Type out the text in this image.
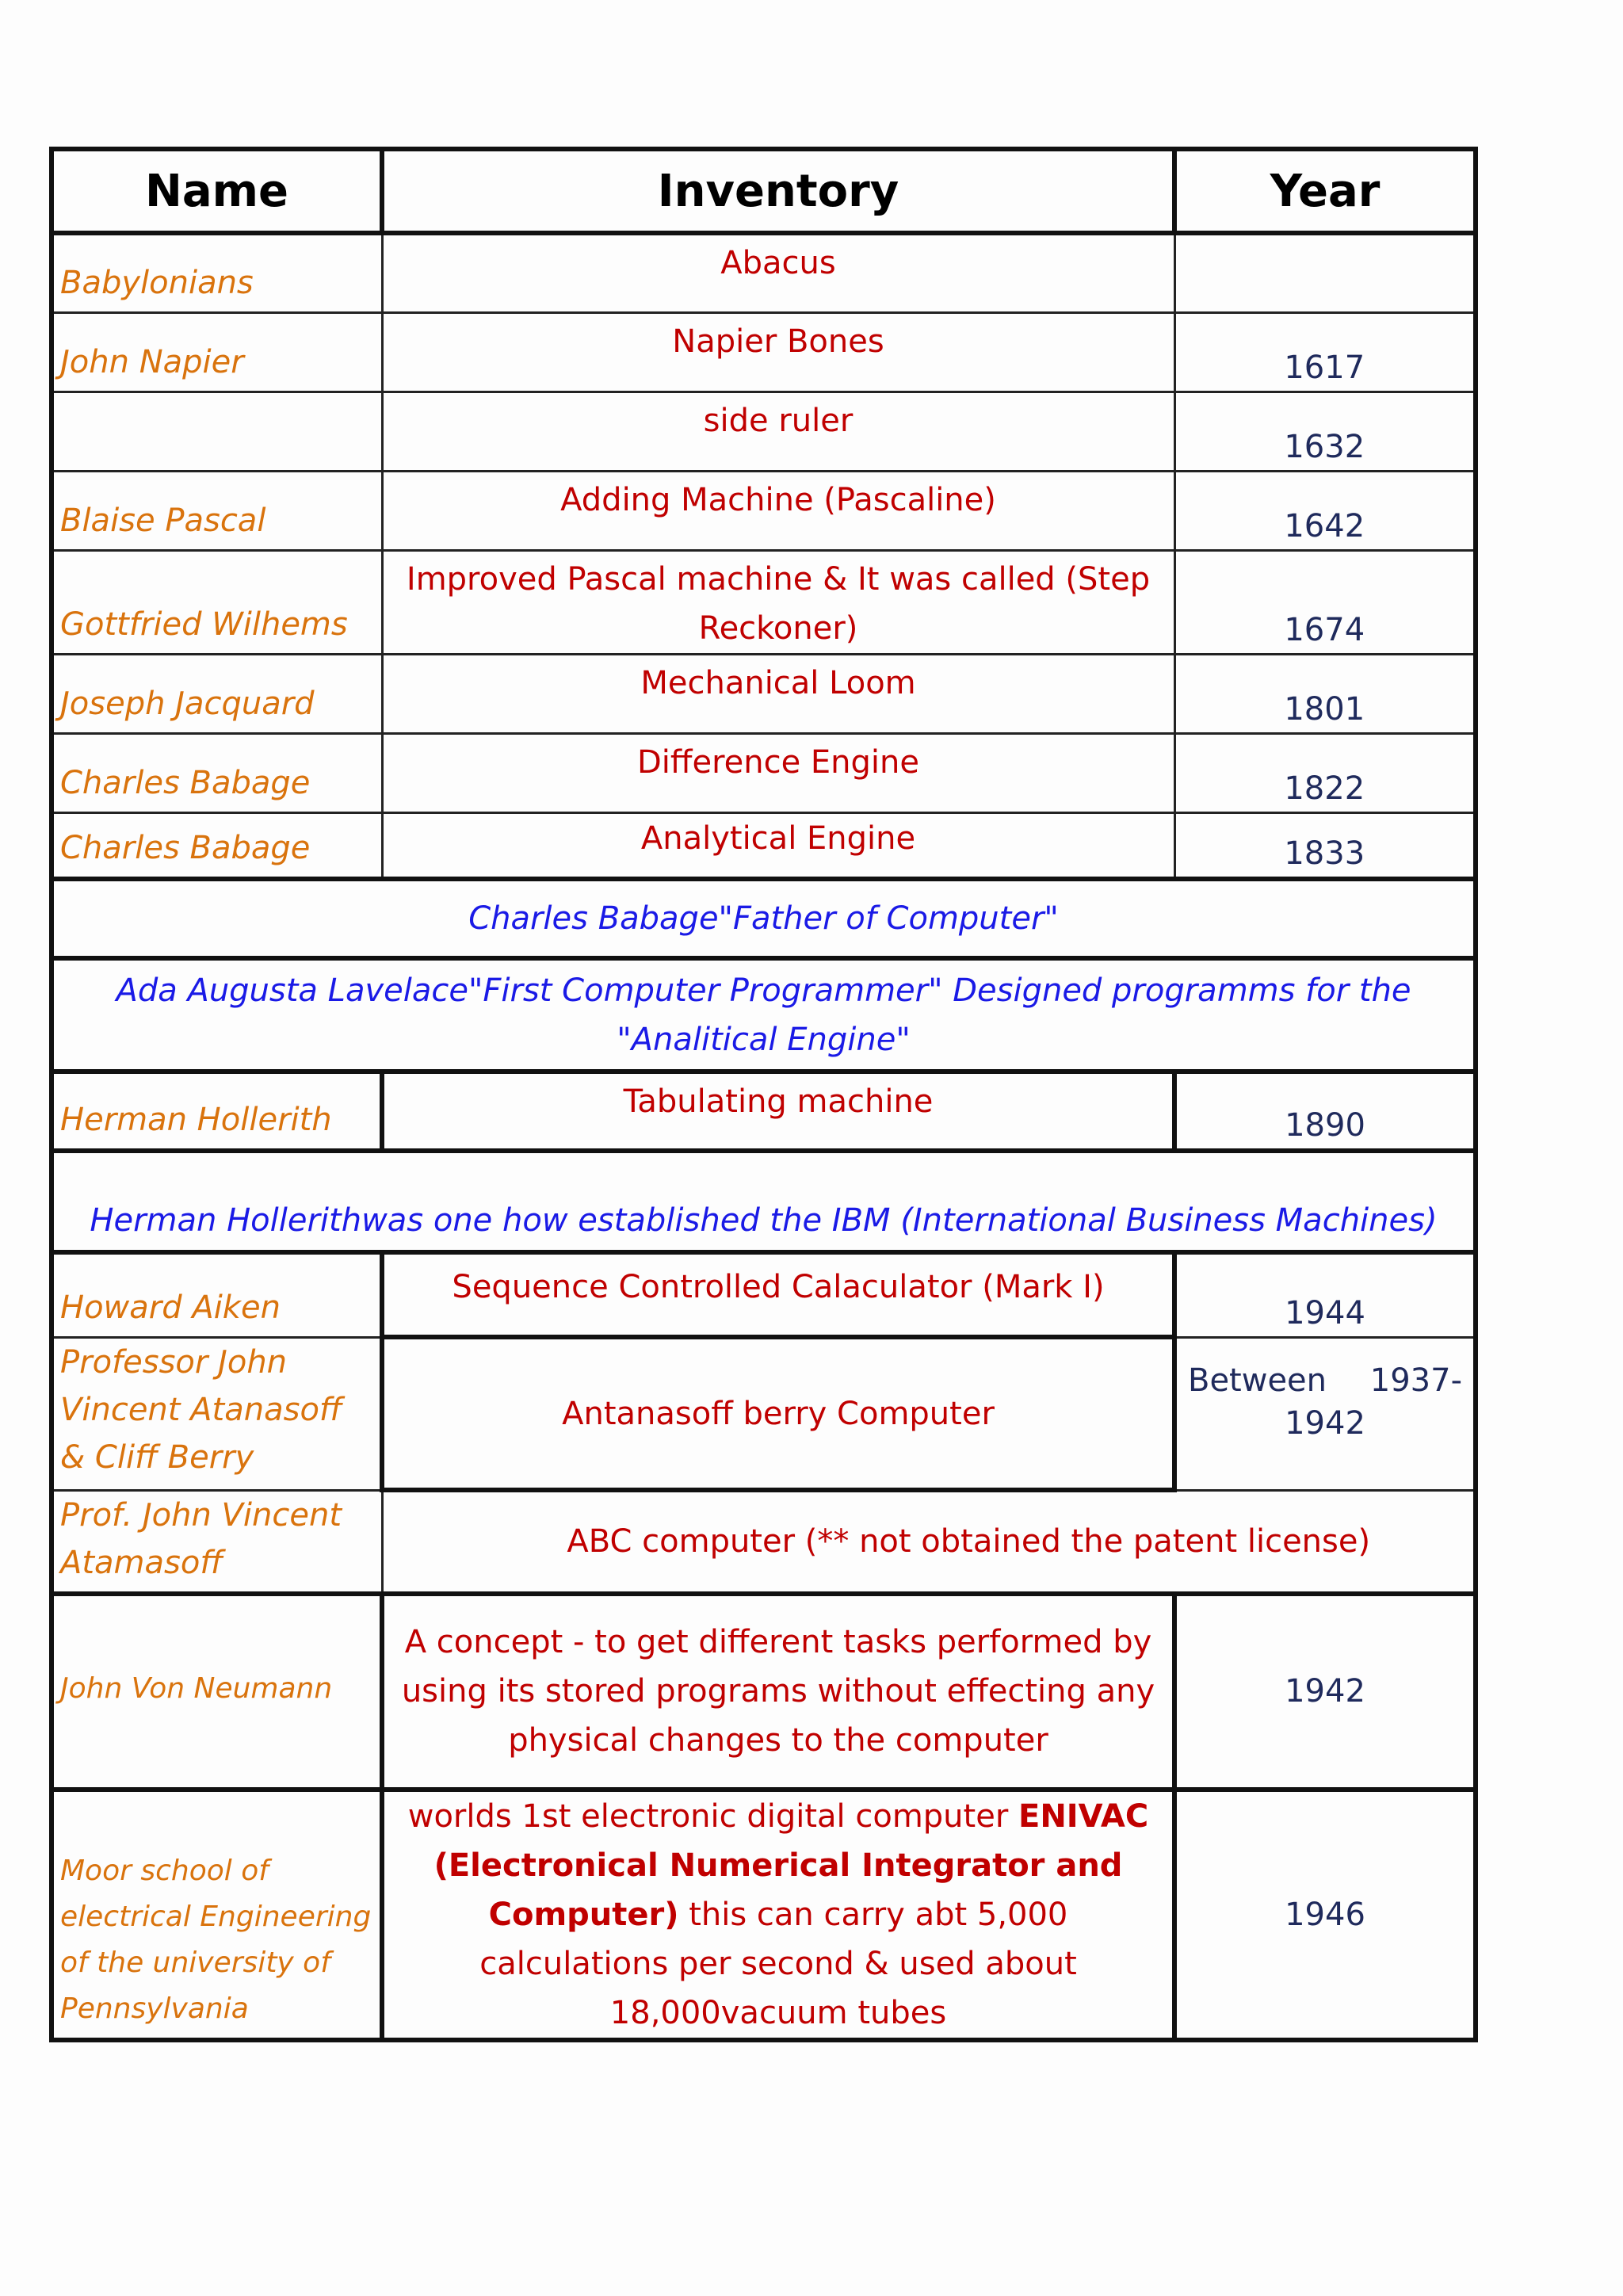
Name	Inventory	Year
Babylonians	Abacus	
John Napier	Napier Bones	1617
	side ruler	1632
Blaise Pascal	Adding Machine (Pascaline)	1642
Gottfried Wilhems	Improved Pascal machine & It was called (Step Reckoner)	1674
Joseph Jacquard	Mechanical Loom	1801
Charles Babage	Difference Engine	1822
Charles Babage	Analytical Engine	1833
Charles Babage"Father of Computer"		
Ada Augusta Lavelace"First Computer Programmer" Designed programms for the "Analitical Engine"		
Herman Hollerith	Tabulating machine	1890
Herman Hollerithwas one how established the IBM (International Business Machines)		
Howard Aiken	Sequence Controlled Calaculator (Mark I)	1944
Professor John Vincent Atanasoff & Cliff Berry	Antanasoff berry Computer	Between 1937-
1942

Prof. John Vincent Atamasoff	ABC computer (** not obtained the patent license)	
John Von Neumann	A concept - to get different tasks performed by using its stored programs without effecting any physical changes to the computer	1942
Moor school of electrical Engineering of the university of Pennsylvania	worlds 1st electronic digital computer ENIVAC (Electronical Numerical Integrator and Computer) this can carry abt 5,000 calculations per second & used about 18,000vacuum tubes	1946
